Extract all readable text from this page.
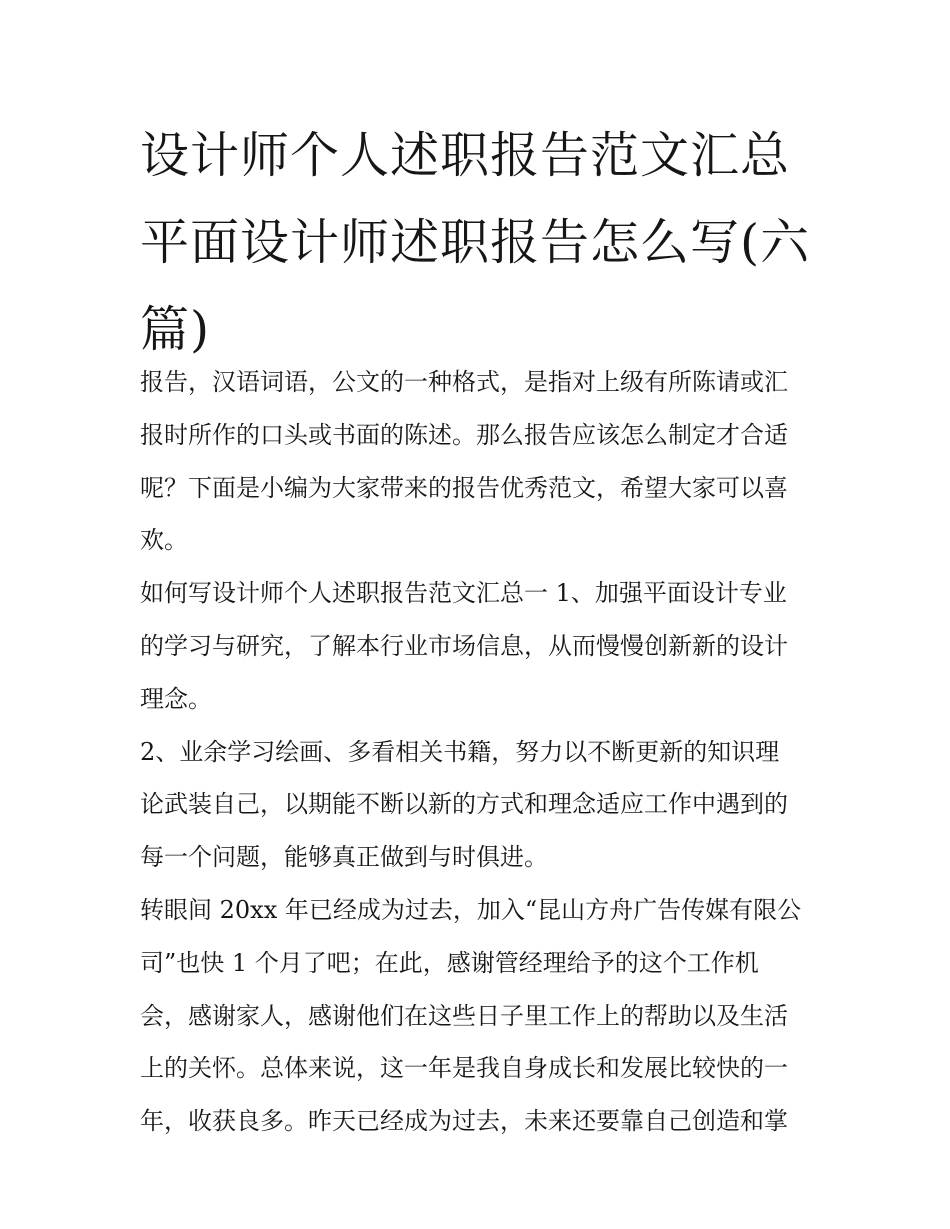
设计师个人述职报告范文汇总
平面设计师述职报告怎么写(六
篇)

报告，汉语词语，公文的一种格式，是指对上级有所陈请或汇
报时所作的口头或书面的陈述。那么报告应该怎么制定才合适
呢？下面是小编为大家带来的报告优秀范文，希望大家可以喜
欢。

如何写设计师个人述职报告范文汇总一 1、加强平面设计专业
的学习与研究，了解本行业市场信息，从而慢慢创新新的设计
理念。

2、业余学习绘画、多看相关书籍，努力以不断更新的知识理
论武装自己，以期能不断以新的方式和理念适应工作中遇到的
每一个问题，能够真正做到与时俱进。

转眼间 20xx 年已经成为过去，加入“昆山方舟广告传媒有限公
司”也快 1 个月了吧；在此，感谢管经理给予的这个工作机
会，感谢家人，感谢他们在这些日子里工作上的帮助以及生活
上的关怀。总体来说，这一年是我自身成长和发展比较快的一
年，收获良多。昨天已经成为过去，未来还要靠自己创造和掌
